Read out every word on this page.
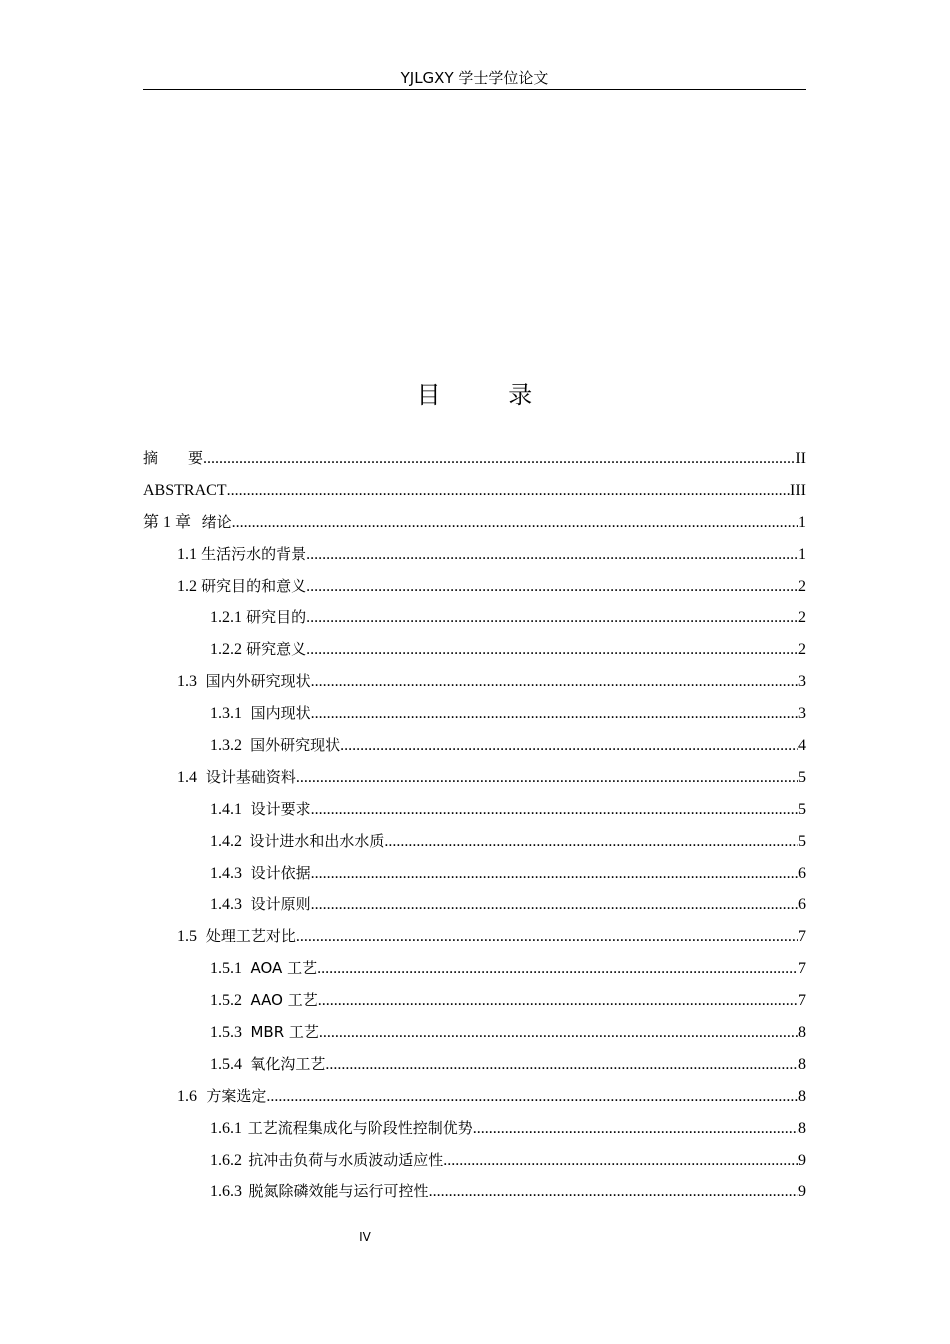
YJLGXY 学士学位论文
目 录
摘　　要 .....	II
ABSTRACT .....	III
第 1 章 绪论 .....	1
1.1 生活污水的背景 .....	1
1.2 研究目的和意义 .....	2
1.2.1 研究目的 .....	2
1.2.2 研究意义 .....	2
1.3 国内外研究现状 .....	3
1.3.1 国内现状 .....	3
1.3.2 国外研究现状 .....	4
1.4 设计基础资料 .....	5
1.4.1 设计要求 .....	5
1.4.2 设计进水和出水水质 .....	5
1.4.3 设计依据 .....	6
1.4.3 设计原则 .....	6
1.5 处理工艺对比 .....	7
1.5.1 AOA 工艺 .....	7
1.5.2 AAO 工艺 .....	7
1.5.3 MBR 工艺 .....	8
1.5.4 氧化沟工艺 .....	8
1.6 方案选定 .....	8
1.6.1 工艺流程集成化与阶段性控制优势 .....	8
1.6.2 抗冲击负荷与水质波动适应性 .....	9
1.6.3 脱氮除磷效能与运行可控性 .....	9
IV
